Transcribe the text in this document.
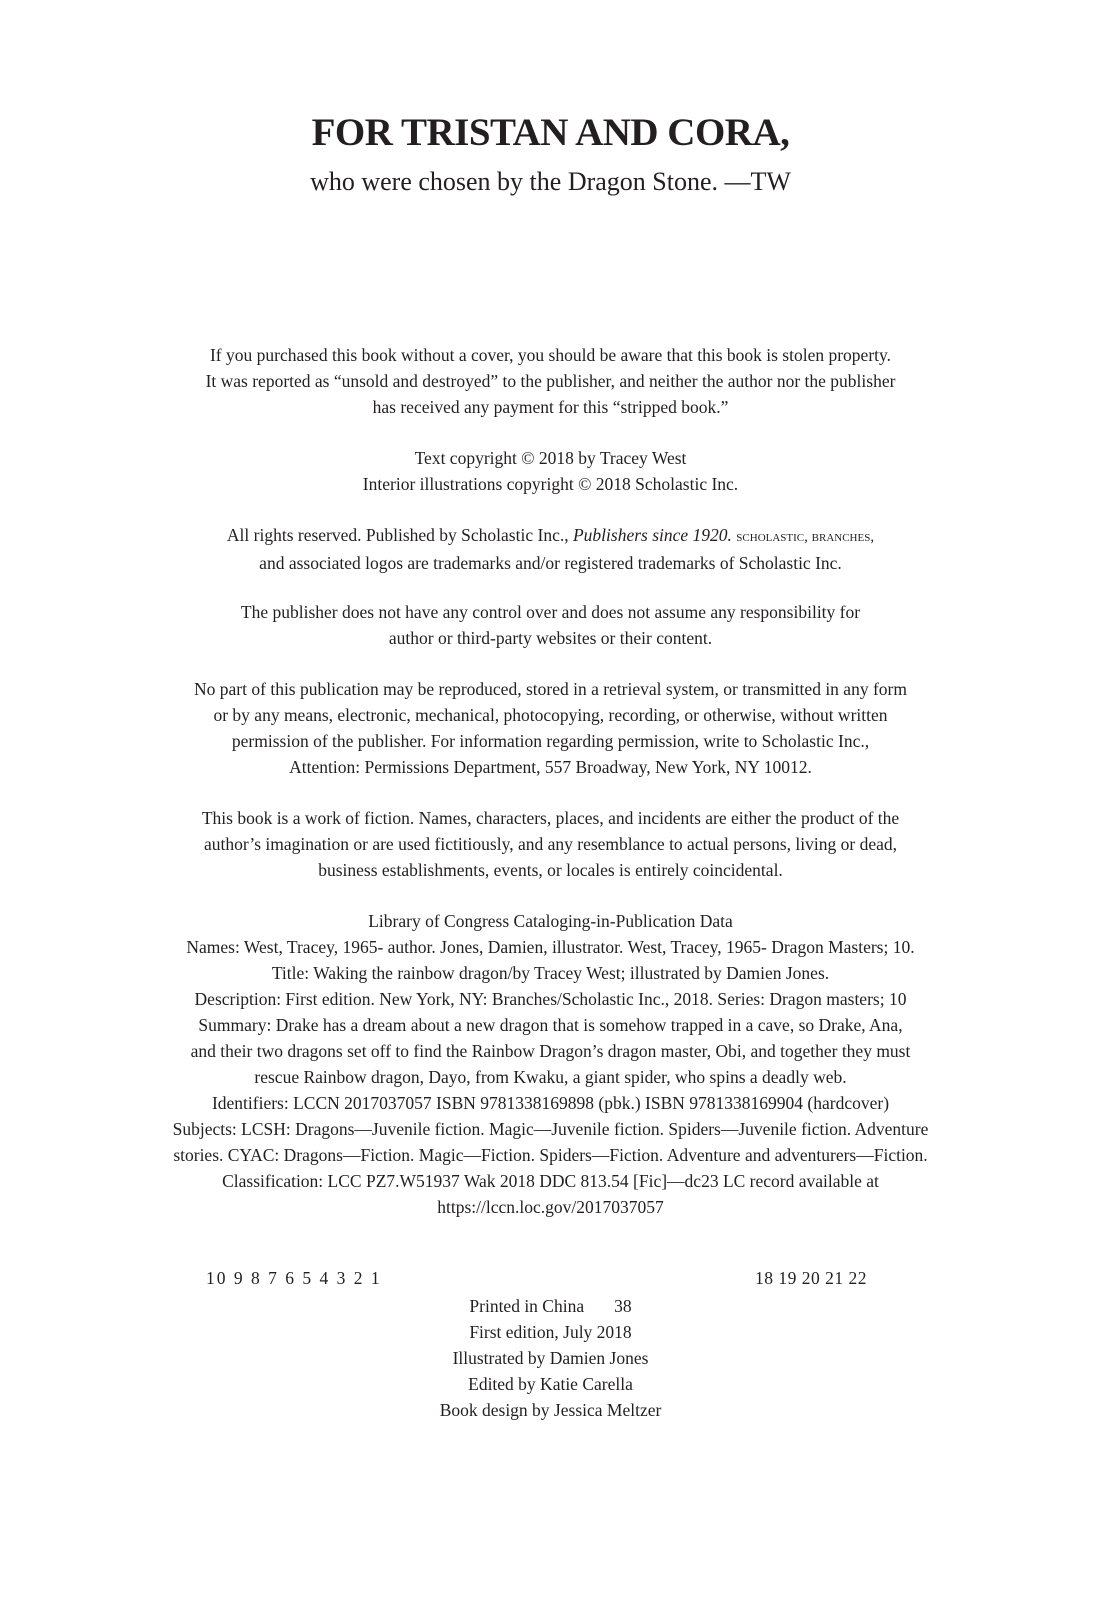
FOR TRISTAN AND CORA,

who were chosen by the Dragon Stone. —TW

If you purchased this book without a cover, you should be aware that this book is stolen property.
It was reported as “unsold and destroyed” to the publisher, and neither the author nor the publisher
has received any payment for this “stripped book.”

Text copyright © 2018 by Tracey West
Interior illustrations copyright © 2018 Scholastic Inc.

All rights reserved. Published by Scholastic Inc., Publishers since 1920. scholastic, branches,
and associated logos are trademarks and/or registered trademarks of Scholastic Inc.

The publisher does not have any control over and does not assume any responsibility for
author or third-party websites or their content.

No part of this publication may be reproduced, stored in a retrieval system, or transmitted in any form
or by any means, electronic, mechanical, photocopying, recording, or otherwise, without written
permission of the publisher. For information regarding permission, write to Scholastic Inc.,
Attention: Permissions Department, 557 Broadway, New York, NY 10012.

This book is a work of fiction. Names, characters, places, and incidents are either the product of the
author’s imagination or are used fictitiously, and any resemblance to actual persons, living or dead,
business establishments, events, or locales is entirely coincidental.

Library of Congress Cataloging-in-Publication Data
Names: West, Tracey, 1965- author. Jones, Damien, illustrator. West, Tracey, 1965- Dragon Masters; 10.
Title: Waking the rainbow dragon/by Tracey West; illustrated by Damien Jones.
Description: First edition. New York, NY: Branches/Scholastic Inc., 2018. Series: Dragon masters; 10
Summary: Drake has a dream about a new dragon that is somehow trapped in a cave, so Drake, Ana,
and their two dragons set off to find the Rainbow Dragon’s dragon master, Obi, and together they must
rescue Rainbow dragon, Dayo, from Kwaku, a giant spider, who spins a deadly web.
Identifiers: LCCN 2017037057 ISBN 9781338169898 (pbk.) ISBN 9781338169904 (hardcover)
Subjects: LCSH: Dragons—Juvenile fiction. Magic—Juvenile fiction. Spiders—Juvenile fiction. Adventure
stories. CYAC: Dragons—Fiction. Magic—Fiction. Spiders—Fiction. Adventure and adventurers—Fiction.
Classification: LCC PZ7.W51937 Wak 2018 DDC 813.54 [Fic]—dc23 LC record available at
https://lccn.loc.gov/2017037057

10 9 8 7 6 5 4 3 2 1	18 19 20 21 22

Printed in China 38
First edition, July 2018
Illustrated by Damien Jones
Edited by Katie Carella
Book design by Jessica Meltzer
